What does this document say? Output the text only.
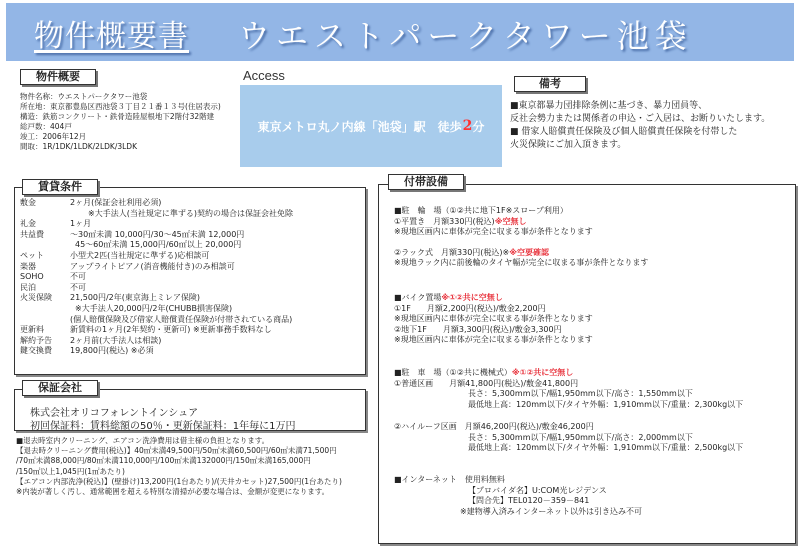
物件概要書 ウエストパークタワー池袋
物件概要
物件名称：ウエストパークタワー池袋
所在地：東京都豊島区西池袋３丁目２１番１３号(住居表示)
構造：鉄筋コンクリート・鉄骨造陸屋根地下2階付32階建
総戸数：404戸
竣工：2006年12月
間取：1R/1DK/1LDK/2LDK/3LDK
Access
東京メトロ丸ノ内線「池袋」駅　徒歩 2 分
備考
■東京都暴力団排除条例に基づき、暴力団員等、
反社会勢力または関係者の申込・ご入居は、お断りいたします。
■ 借家人賠償責任保険及び個人賠償責任保険を付帯した
火災保険にご加入頂きます。
賃貸条件
敷金	2ヶ月(保証会社利用必須)
※大手法人(当社規定に準ずる)契約の場合は保証会社免除
礼金	1ヶ月
共益費	～30㎡未満 10,000円/30～45㎡未満 12,000円
45～60㎡未満 15,000円/60㎡以上 20,000円
ペット	小型犬2匹(当社規定に準ずる)応相談可
楽器	アップライトピアノ(消音機能付き)のみ相談可
SOHO	不可
民泊	不可
火災保険	21,500円/2年(東京海上ミレア保険)
※大手法人20,000円/2年(CHUBB損害保険)
(個人賠償保険及び借家人賠償責任保険が付帯されている商品)
更新料	新賃料の1ヶ月(2年契約・更新可) ※更新事務手数料なし
解約予告	2ヶ月前(大手法人は相談)
鍵交換費	19,800円(税込) ※必須
保証会社
株式会社オリコフォレントインシュア
初回保証料：賃料総額の50％・更新保証料：1年毎に1万円
■退去時室内クリーニング、エアコン洗浄費用は借主様の負担となります。
【退去時クリーニング費用(税込)】40㎡未満49,500円/50㎡未満60,500円/60㎡未満71,500円
/70㎡未満88,000円/80㎡未満110,000円/100㎡未満132000円/150㎡未満165,000円
/150㎡以上1,045円(1㎡あたり)
【エアコン内部洗浄(税込)】(壁掛け)13,200円(1台あたり)/(天井カセット)27,500円(1台あたり)
※内装が著しく汚し、通常範囲を超える特別な清掃が必要な場合は、金額が変更になります。
付帯設備
■駐　輪　場（①②共に地下1F※スロープ利用）
①平置き　月額330円(税込)※空無し
※現地区画内に車体が完全に収まる事が条件となります
②ラック式　月額330円(税込)※※空要確認
※現地ラック内に前後輪のタイヤ幅が完全に収まる事が条件となります
■バイク置場※①②共に空無し
①1F　　月額2,200円(税込)/敷金2,200円
※現地区画内に車体が完全に収まる事が条件となります
②地下1F　　月額3,300円(税込)/敷金3,300円
※現地区画内に車体が完全に収まる事が条件となります
■駐　車　場（①②共に機械式）※①②共に空無し
①普通区画　　月額41,800円(税込)/敷金41,800円
長さ：5,300mm以下/幅1,950mm以下/高さ：1,550mm以下
最低地上高：120mm以下/タイヤ外幅：1,910mm以下/重量：2,300kg以下
②ハイルーフ区画　月額46,200円(税込)/敷金46,200円
長さ：5,300mm以下/幅1,950mm以下/高さ：2,000mm以下
最低地上高：120mm以下/タイヤ外幅：1,910mm以下/重量：2,500kg以下
■インターネット　使用料無料
【プロバイダ名】U:COM光レジデンス
【問合先】TEL0120－359－841
※建物導入済みインターネット以外は引き込み不可
